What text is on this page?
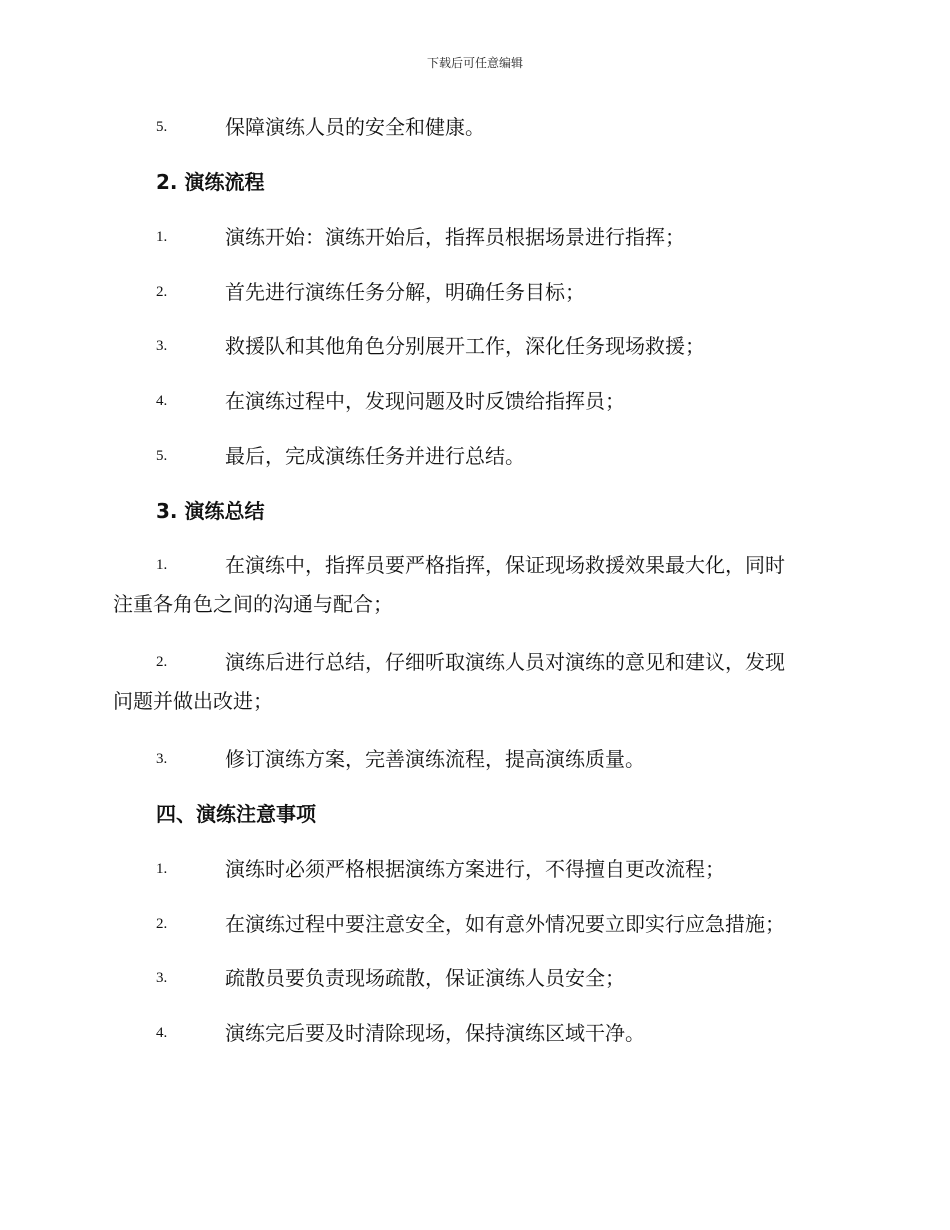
下载后可任意编辑
5.	保障演练人员的安全和健康。
2. 演练流程
1.	演练开始：演练开始后，指挥员根据场景进行指挥；
2.	首先进行演练任务分解，明确任务目标；
3.	救援队和其他角色分别展开工作，深化任务现场救援；
4.	在演练过程中，发现问题及时反馈给指挥员；
5.	最后，完成演练任务并进行总结。
3. 演练总结
1.	在演练中，指挥员要严格指挥，保证现场救援效果最大化，同时
注重各角色之间的沟通与配合；
2.	演练后进行总结，仔细听取演练人员对演练的意见和建议，发现
问题并做出改进；
3.	修订演练方案，完善演练流程，提高演练质量。
四、演练注意事项
1.	演练时必须严格根据演练方案进行，不得擅自更改流程；
2.	在演练过程中要注意安全，如有意外情况要立即实行应急措施；
3.	疏散员要负责现场疏散，保证演练人员安全；
4.	演练完后要及时清除现场，保持演练区域干净。
